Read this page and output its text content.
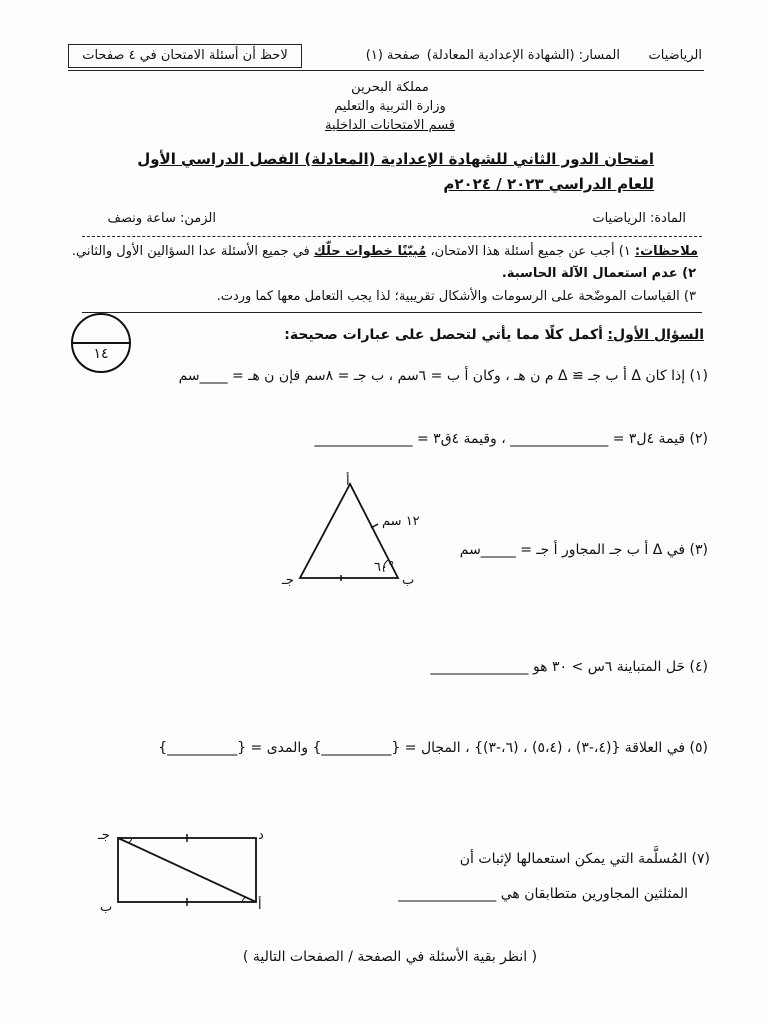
لاحظ أن أسئلة الامتحان في ٤ صفحات	الرياضيات
المسار: (الشهادة الإعدادية المعادلة)
صفحة (١)
مملكة البحرين
وزارة التربية والتعليم
قسم الامتحانات الداخلية
امتحان الدور الثاني للشهادة الإعدادية (المعادلة) الفصل الدراسي الأول
للعام الدراسي ٢٠٢٣ / ٢٠٢٤م
المادة: الرياضيات
الزمن: ساعة ونصف
ملاحظات: ١) أجب عن جميع أسئلة هذا الامتحان، مُبيّنًا خطوات حلّك في جميع الأسئلة عدا السؤالين الأول والثاني.
٢) عدم استعمال الآلة الحاسبة.
٣) القياسات الموضّحة على الرسومات والأشكال تقريبية؛ لذا يجب التعامل معها كما وردت.
١٤
السؤال الأول: أكمل كلًا مما يأتي لتحصل على عبارات صحيحة:
(١) إذا كان Δ أ ب جـ ≅ Δ م ن هـ ، وكان أ ب = ٦سم ، ب جـ = ٨سم فإن ن هـ = ____سم
(٢) قيمة ٤ل٣ = ______________ ، وقيمة ٤ق٣ = ______________
أ
جـ	ب
١٢ سم
٦٠°
(٣) في Δ أ ب جـ المجاور أ جـ = _____سم
(٤) حَل المتباينة ٦س > ٣٠ هو ______________
(٥) في العلاقة {(٤،-٣) ، (٥،٤) ، (٦،-٣)} ، المجال = {__________} والمدى = {__________}
جـ	د
ب	أ
(٧) المُسلَّمة التي يمكن استعمالها لإثبات أن
المثلثين المجاورين متطابقان هي ______________
( انظر بقية الأسئلة في الصفحة / الصفحات التالية )
